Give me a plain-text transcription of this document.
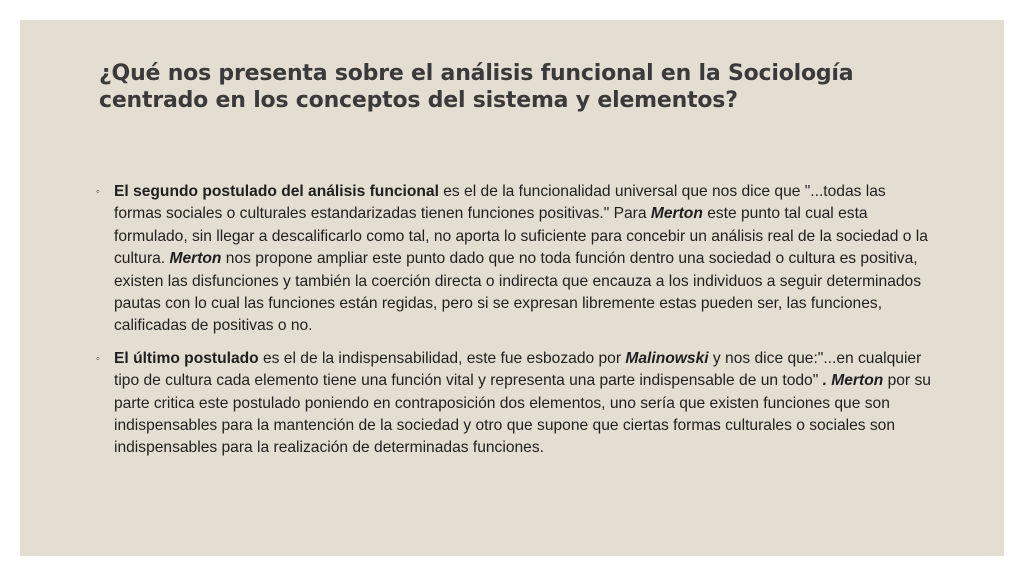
¿Qué nos presenta sobre el análisis funcional en la Sociología centrado en los conceptos del sistema y elementos?
◦ El segundo postulado del análisis funcional es el de la funcionalidad universal que nos dice que "...todas las formas sociales o culturales estandarizadas tienen funciones positivas." Para Merton este punto tal cual esta formulado, sin llegar a descalificarlo como tal, no aporta lo suficiente para concebir un análisis real de la sociedad o la cultura. Merton nos propone ampliar este punto dado que no toda función dentro una sociedad o cultura es positiva, existen las disfunciones y también la coerción directa o indirecta que encauza a los individuos a seguir determinados pautas con lo cual las funciones están regidas, pero si se expresan libremente estas pueden ser, las funciones, calificadas de positivas o no.
◦ El último postulado es el de la indispensabilidad, este fue esbozado por Malinowski y nos dice que:"...en cualquier tipo de cultura cada elemento tiene una función vital y representa una parte indispensable de un todo" . Merton por su parte critica este postulado poniendo en contraposición dos elementos, uno sería que existen funciones que son indispensables para la mantención de la sociedad y otro que supone que ciertas formas culturales o sociales son indispensables para la realización de determinadas funciones.
